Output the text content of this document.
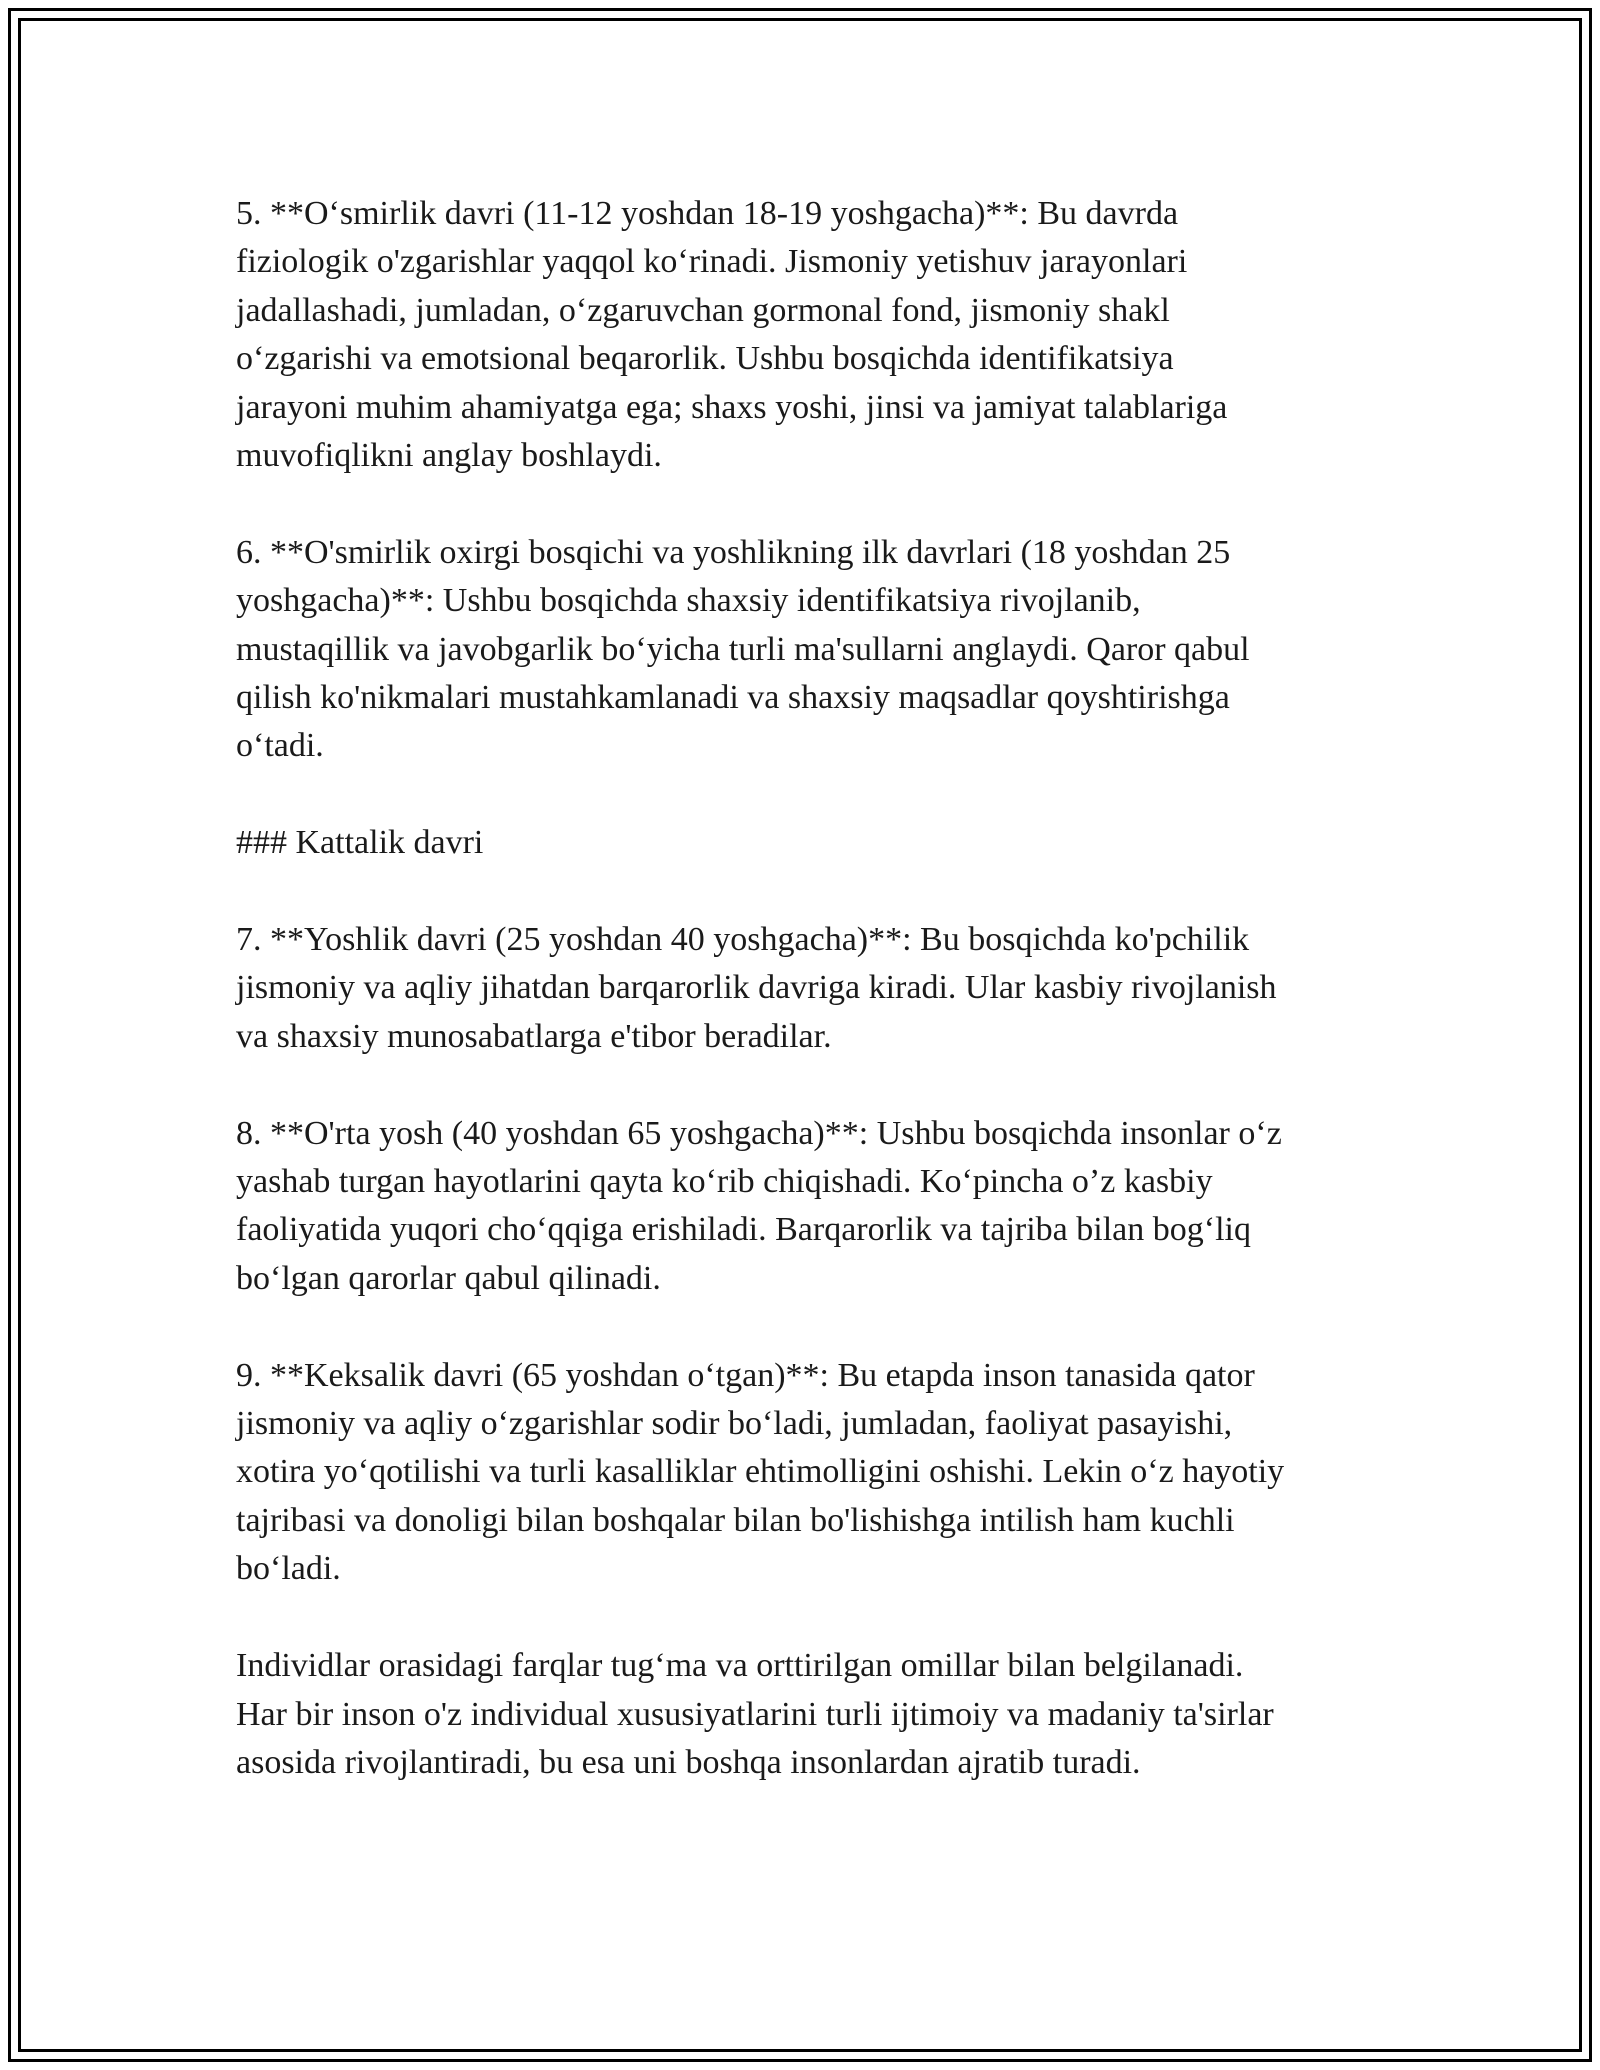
5. **O‘smirlik davri (11-12 yoshdan 18-19 yoshgacha)**: Bu davrda
fiziologik o'zgarishlar yaqqol ko‘rinadi. Jismoniy yetishuv jarayonlari
jadallashadi, jumladan, o‘zgaruvchan gormonal fond, jismoniy shakl
o‘zgarishi va emotsional beqarorlik. Ushbu bosqichda identifikatsiya
jarayoni muhim ahamiyatga ega; shaxs yoshi, jinsi va jamiyat talablariga
muvofiqlikni anglay boshlaydi.

6. **O'smirlik oxirgi bosqichi va yoshlikning ilk davrlari (18 yoshdan 25
yoshgacha)**: Ushbu bosqichda shaxsiy identifikatsiya rivojlanib,
mustaqillik va javobgarlik bo‘yicha turli ma'sullarni anglaydi. Qaror qabul
qilish ko'nikmalari mustahkamlanadi va shaxsiy maqsadlar qoyshtirishga
o‘tadi.

### Kattalik davri

7. **Yoshlik davri (25 yoshdan 40 yoshgacha)**: Bu bosqichda ko'pchilik
jismoniy va aqliy jihatdan barqarorlik davriga kiradi. Ular kasbiy rivojlanish
va shaxsiy munosabatlarga e'tibor beradilar.

8. **O'rta yosh (40 yoshdan 65 yoshgacha)**: Ushbu bosqichda insonlar o‘z
yashab turgan hayotlarini qayta ko‘rib chiqishadi. Ko‘pincha o’z kasbiy
faoliyatida yuqori cho‘qqiga erishiladi. Barqarorlik va tajriba bilan bog‘liq
bo‘lgan qarorlar qabul qilinadi.

9. **Keksalik davri (65 yoshdan o‘tgan)**: Bu etapda inson tanasida qator
jismoniy va aqliy o‘zgarishlar sodir bo‘ladi, jumladan, faoliyat pasayishi,
xotira yo‘qotilishi va turli kasalliklar ehtimolligini oshishi. Lekin o‘z hayotiy
tajribasi va donoligi bilan boshqalar bilan bo'lishishga intilish ham kuchli
bo‘ladi.

Individlar orasidagi farqlar tug‘ma va orttirilgan omillar bilan belgilanadi.
Har bir inson o'z individual xususiyatlarini turli ijtimoiy va madaniy ta'sirlar
asosida rivojlantiradi, bu esa uni boshqa insonlardan ajratib turadi.
